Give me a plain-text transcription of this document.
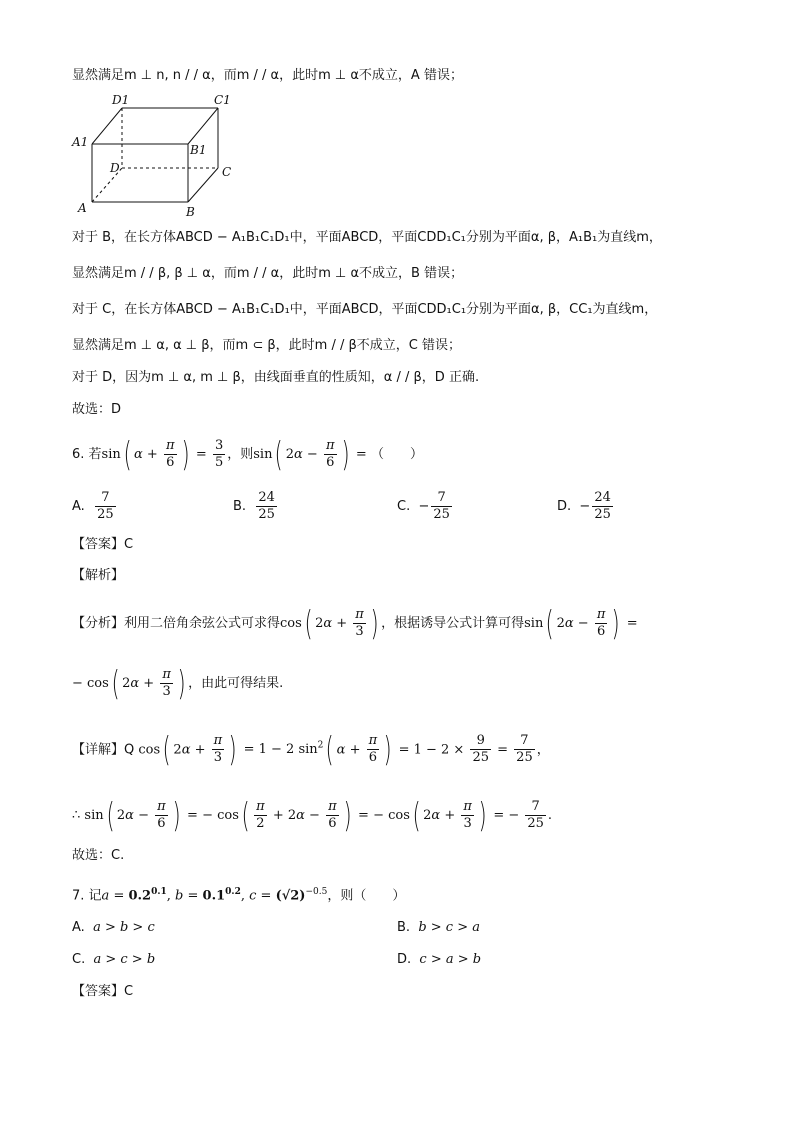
显然满足m ⊥ n, n / / α，而m / / α，此时m ⊥ α不成立，A 错误；
D1	C1
A1
B1
D	C
A	B
对于 B，在长方体ABCD − A₁B₁C₁D₁中，平面ABCD，平面CDD₁C₁分别为平面α, β，A₁B₁为直线m，
显然满足m / / β, β ⊥ α，而m / / α，此时m ⊥ α不成立，B 错误；
对于 C，在长方体ABCD − A₁B₁C₁D₁中，平面ABCD，平面CDD₁C₁分别为平面α, β，CC₁为直线m，
显然满足m ⊥ α, α ⊥ β，而m ⊂ β，此时m / / β不成立，C 错误；
对于 D，因为m ⊥ α, m ⊥ β，由线面垂直的性质知，α / / β，D 正确.
故选：D
6. 若sin( $\alpha + \frac{\pi}{6}$ ) = $\frac{3}{5}$ ，则sin( $2\alpha - \frac{\pi}{6}$ ) = （　　）
A. $\frac{7}{25}$	B. $\frac{24}{25}$	C. − $\frac{7}{25}$	D. − $\frac{24}{25}$
【答案】C
【解析】
【分析】利用二倍角余弦公式可求得cos( $2\alpha + \frac{\pi}{3}$ ) ，根据诱导公式计算可得sin( $2\alpha - \frac{\pi}{6}$ ) =
− cos( $2\alpha + \frac{\pi}{3}$ ) ，由此可得结果.
【详解】Q cos( $2\alpha + \frac{\pi}{3}$ ) = 1 − 2 $\sin^2$( $\alpha + \frac{\pi}{6}$ ) = $1 - 2 \times \frac{9}{25} = \frac{7}{25}$ ，
∴ sin( $2\alpha - \frac{\pi}{6}$ ) = − $\cos( \frac{\pi}{2} + 2\alpha - \frac{\pi}{6}$ ) = − cos( $2\alpha + \frac{\pi}{3}$ ) = − $\frac{7}{25}$ .
故选：C.
7. 记$a = 0.2^{0.1}$, $b = 0.1^{0.2}$, $c = (√2)^{-0.5}$，则（　　）
A. a > b > c	B. b > c > a
C. a > c > b	D. c > a > b
【答案】C
